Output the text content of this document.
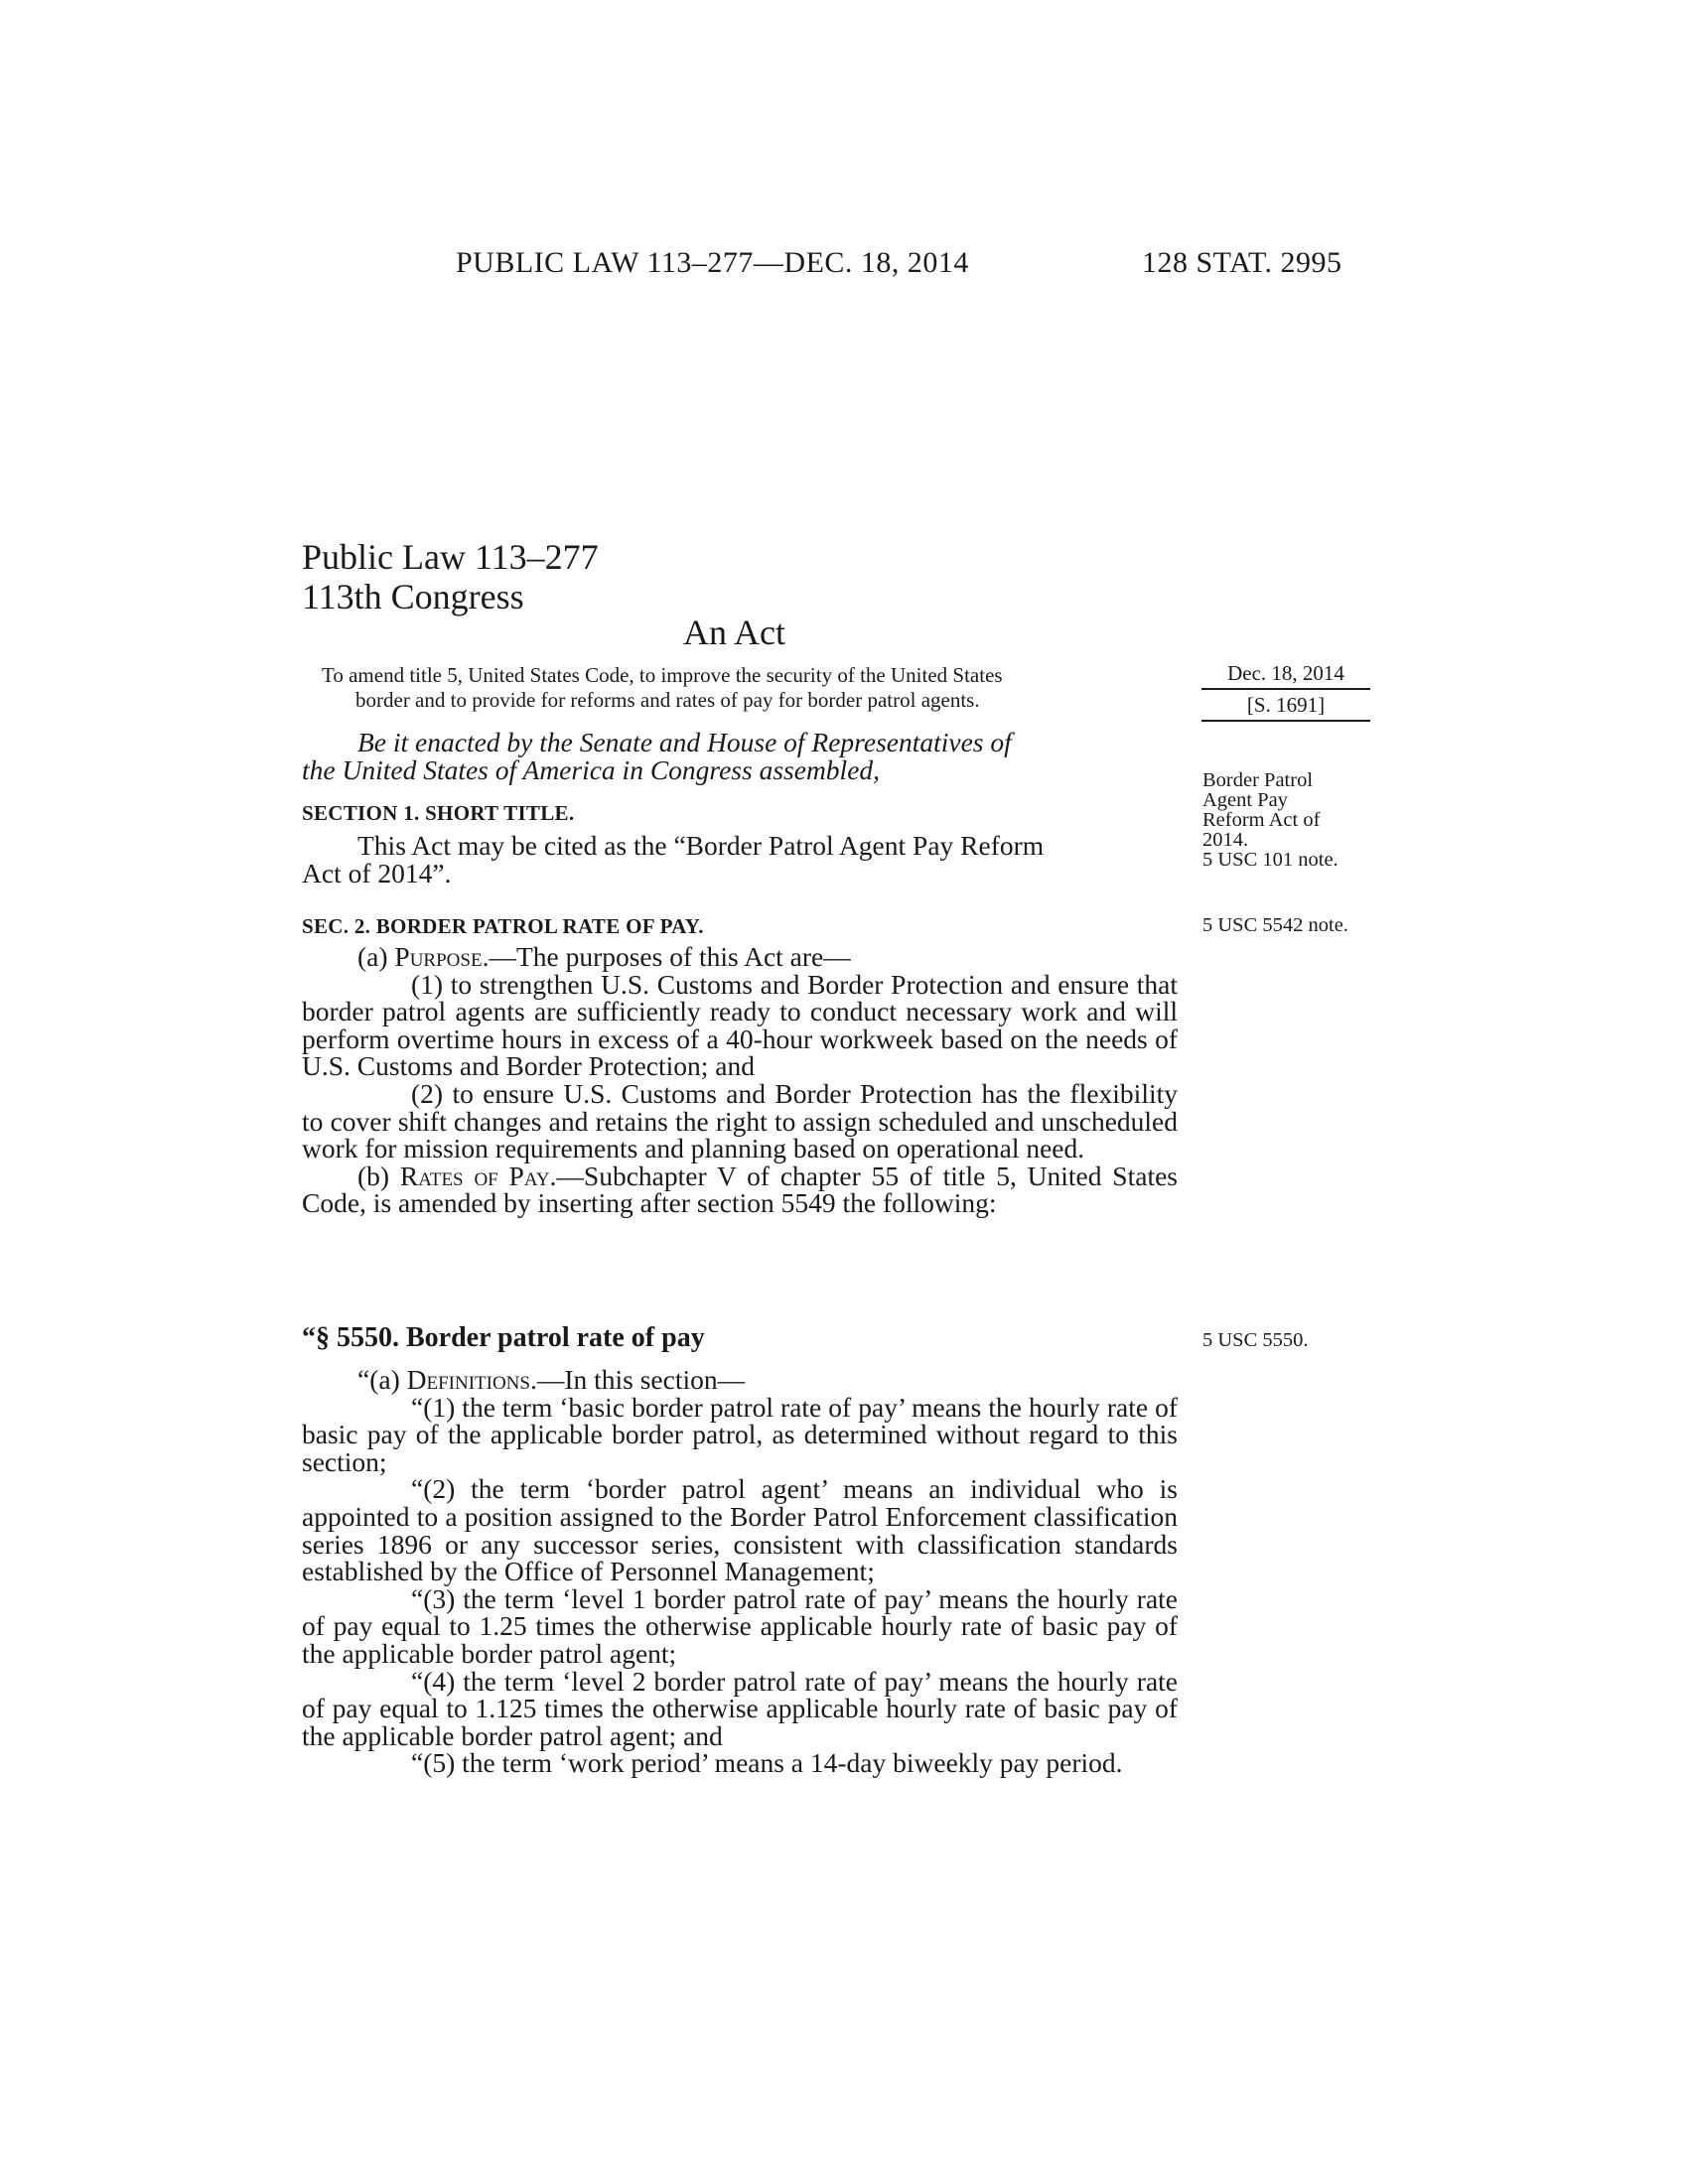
PUBLIC LAW 113–277—DEC. 18, 2014	128 STAT. 2995
Public Law 113–277
113th Congress
An Act
To amend title 5, United States Code, to improve the security of the United States
border and to provide for reforms and rates of pay for border patrol agents.
Dec. 18, 2014
[S. 1691]

Be it enacted by the Senate and House of Representatives of

the United States of America in Congress assembled,

SECTION 1. SHORT TITLE.

This Act may be cited as the “Border Patrol Agent Pay Reform

Act of 2014”.

Border Patrol
Agent Pay
Reform Act of
2014.
5 USC 101 note.
SEC. 2. BORDER PATROL RATE OF PAY.	5 USC 5542 note.

(a) Purpose.—The purposes of this Act are—

(1) to strengthen U.S. Customs and Border Protection and ensure that border patrol agents are sufficiently ready to conduct necessary work and will perform overtime hours in excess of a 40-hour workweek based on the needs of U.S. Customs and Border Protection; and

(2) to ensure U.S. Customs and Border Protection has the flexibility to cover shift changes and retains the right to assign scheduled and unscheduled work for mission requirements and planning based on operational need.

(b) Rates of Pay.—Subchapter V of chapter 55 of title 5, United States Code, is amended by inserting after section 5549 the following:

“§ 5550. Border patrol rate of pay	5 USC 5550.

“(a) Definitions.—In this section—

“(1) the term ‘basic border patrol rate of pay’ means the hourly rate of basic pay of the applicable border patrol, as determined without regard to this section;

“(2) the term ‘border patrol agent’ means an individual who is appointed to a position assigned to the Border Patrol Enforcement classification series 1896 or any successor series, consistent with classification standards established by the Office of Personnel Management;

“(3) the term ‘level 1 border patrol rate of pay’ means the hourly rate of pay equal to 1.25 times the otherwise applicable hourly rate of basic pay of the applicable border patrol agent;

“(4) the term ‘level 2 border patrol rate of pay’ means the hourly rate of pay equal to 1.125 times the otherwise applicable hourly rate of basic pay of the applicable border patrol agent; and

“(5) the term ‘work period’ means a 14-day biweekly pay period.
